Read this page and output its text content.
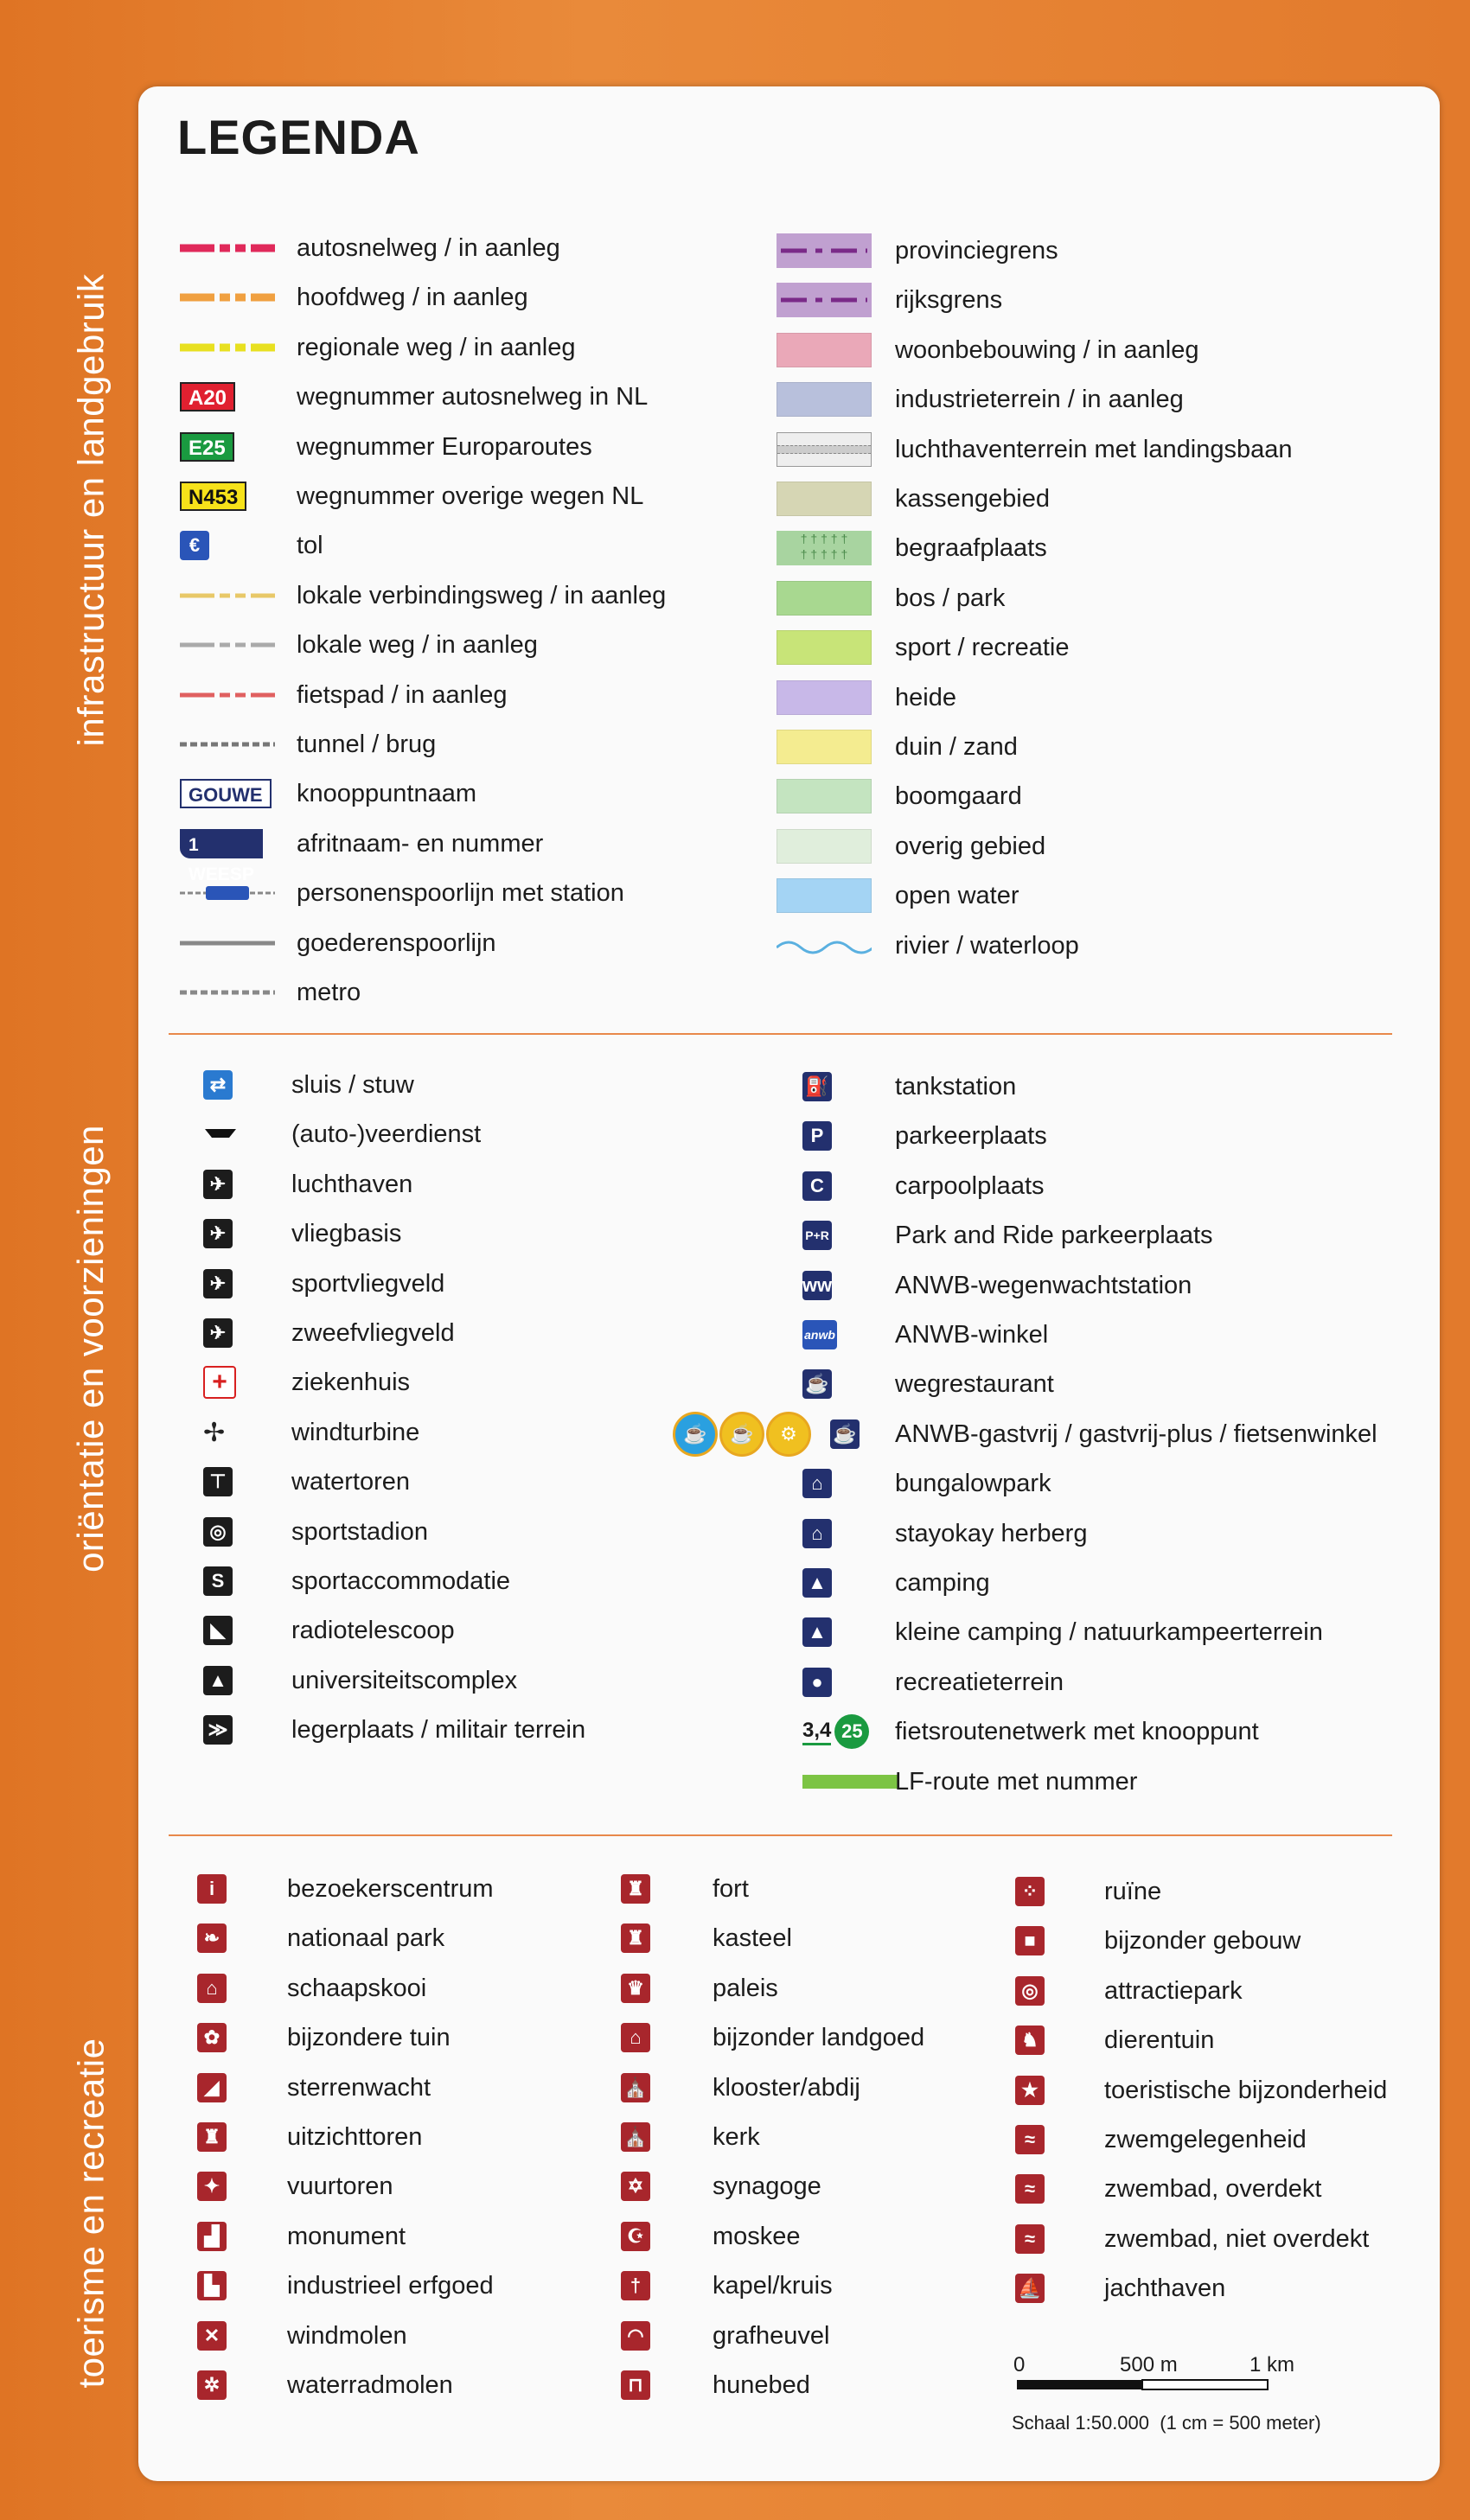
infrastructuur en landgebruik
oriëntatie en voorzieningen
toerisme en recreatie
LEGENDA
autosnelweg / in aanleg
hoofdweg / in aanleg
regionale weg / in aanleg
A20	wegnummer autosnelweg in NL
E25	wegnummer Europaroutes
N453	wegnummer overige wegen NL
€	tol
lokale verbindingsweg / in aanleg
lokale weg / in aanleg
fietspad / in aanleg
tunnel / brug
GOUWE	knooppuntnaam
1 WEESP
afritnaam- en nummer
personenspoorlijn met station
goederenspoorlijn
metro
provinciegrens
rijksgrens
woonbebouwing / in aanleg
industrieterrein / in aanleg
luchthaventerrein met landingsbaan
kassengebied
† † † † †
† † † † †	begraafplaats
bos / park
sport / recreatie
heide
duin / zand
boomgaard
overig gebied
open water
rivier / waterloop
⇄	sluis / stuw
(auto-)veerdienst
✈	luchthaven
✈	vliegbasis
✈	sportvliegveld
✈	zweefvliegveld
+	ziekenhuis
✢	windturbine
⊤	watertoren
◎	sportstadion
S	sportaccommodatie
◣	radiotelescoop
▲	universiteitscomplex
≫	legerplaats / militair terrein
⛽	tankstation
P	parkeerplaats
C	carpoolplaats
P+R	Park and Ride parkeerplaats
ww	ANWB-wegenwachtstation
anwb ANWB-winkel
☕	wegrestaurant
☕	☕	⚙	☕ ANWB-gastvrij / gastvrij-plus / fietsenwinkel
⌂	bungalowpark
⌂	stayokay herberg
▲	camping
▲	kleine camping / natuurkampeerterrein
●	recreatieterrein
3,4 25 fietsroutenetwerk met knooppunt
LF-route met nummer
i	bezoekerscentrum
❧	nationaal park
⌂	schaapskooi
✿	bijzondere tuin
◢	sterrenwacht
♜	uitzichttoren
✦	vuurtoren
▟	monument
▙	industrieel erfgoed
✕	windmolen
✲	waterradmolen
♜	fort
♜	kasteel
♛	paleis
⌂	bijzonder landgoed
⛪	klooster/abdij
⛪	kerk
✡	synagoge
☪	moskee
†	kapel/kruis
◠	grafheuvel
⊓	hunebed
⁘	ruïne
■	bijzonder gebouw
◎	attractiepark
♞	dierentuin
★	toeristische bijzonderheid
≈	zwemgelegenheid
≈	zwembad, overdekt
≈	zwembad, niet overdekt
⛵ jachthaven
0	500 m	1 km
Schaal 1:50.000  (1 cm = 500 meter)
